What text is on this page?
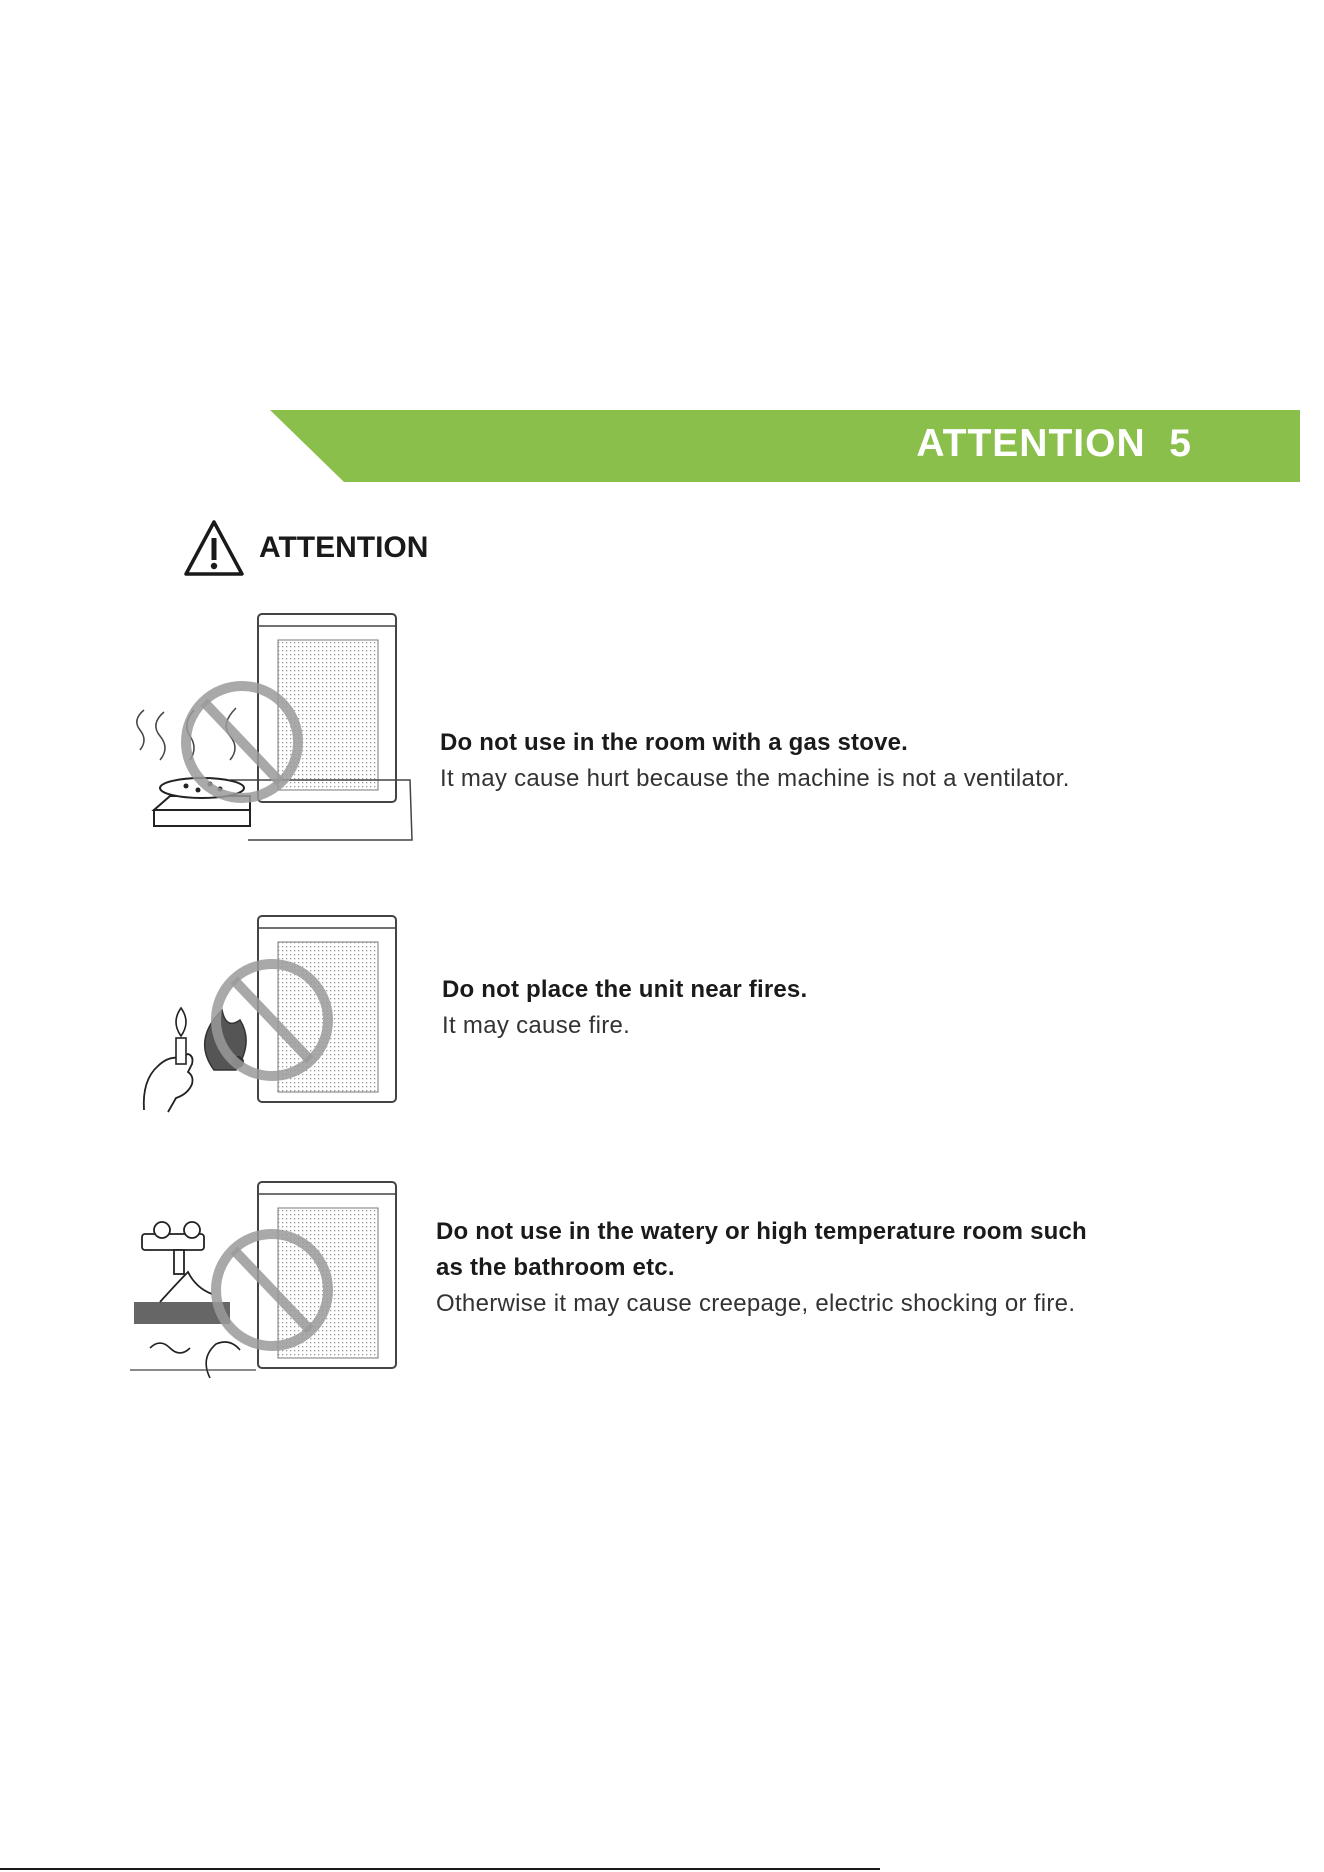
ATTENTION  5
ATTENTION
Do not use in the room with a gas stove.
It may cause hurt because the machine is not a ventilator.
Do not place the unit near fires.
It may cause fire.
Do not use in the watery or high temperature room such
as the bathroom etc.
Otherwise it may cause creepage, electric shocking or fire.
